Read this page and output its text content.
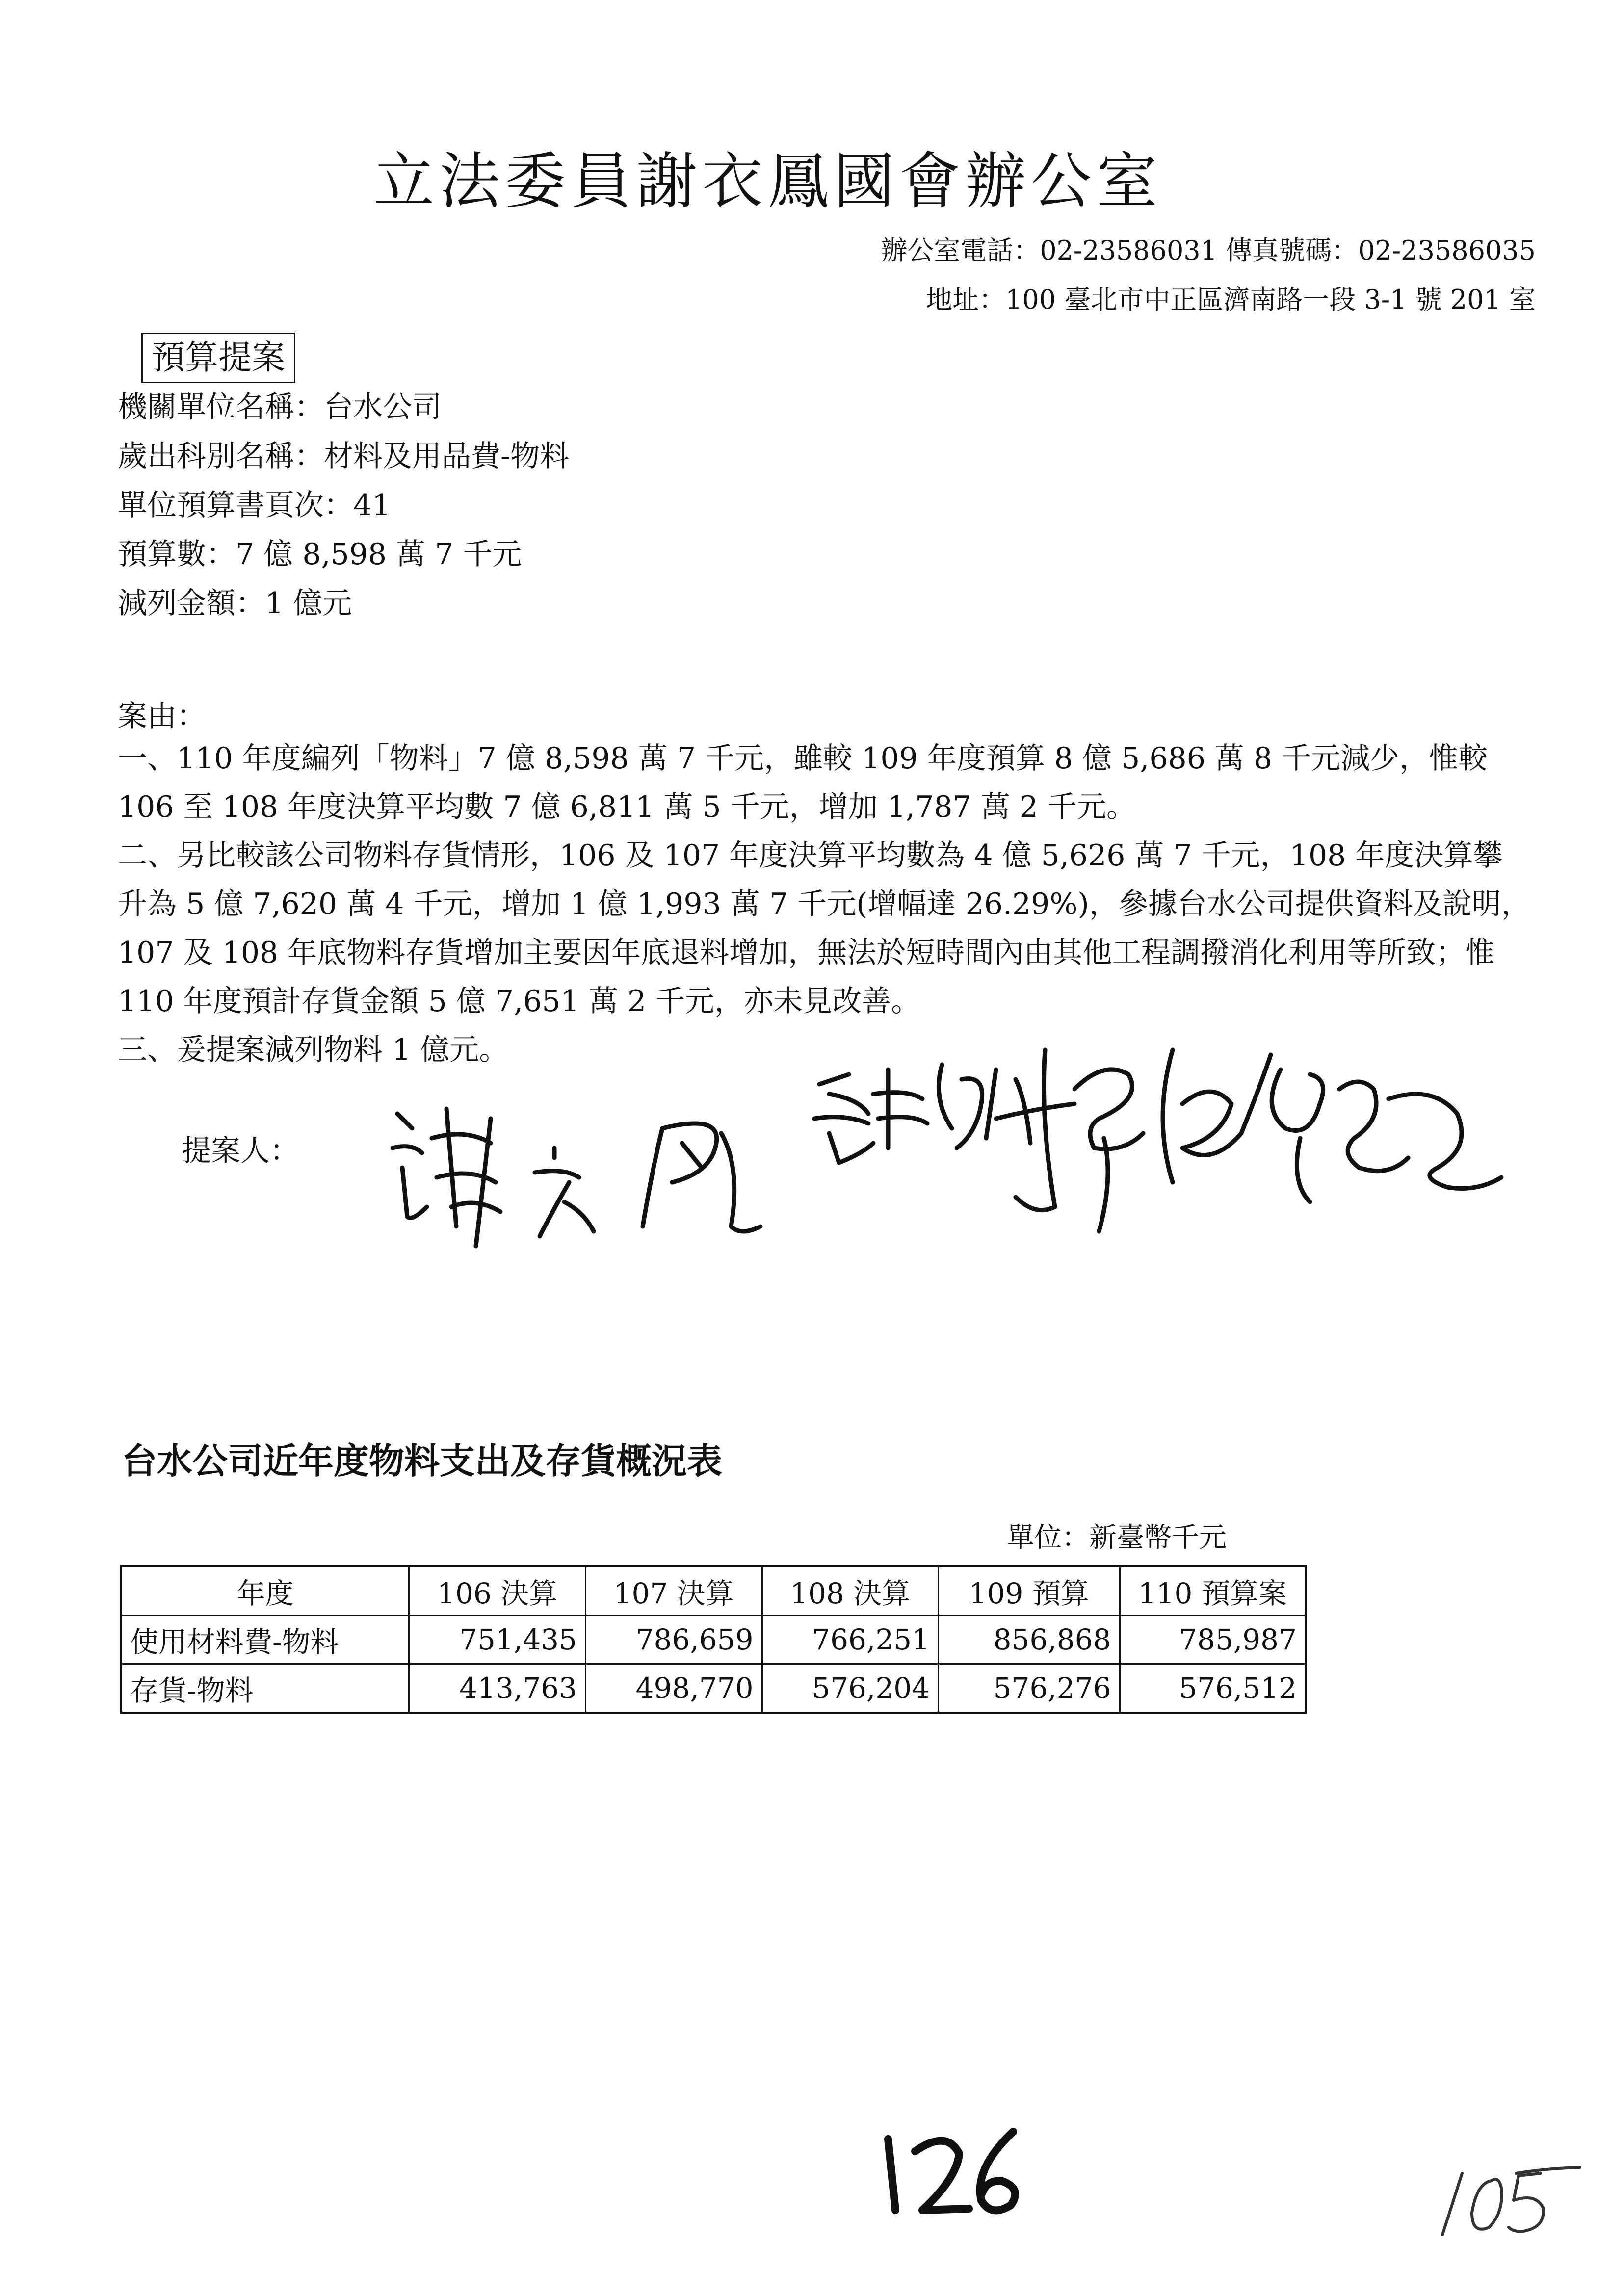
立法委員謝衣鳳國會辦公室
辦公室電話：02-23586031 傳真號碼：02-23586035
地址：100 臺北市中正區濟南路一段 3-1 號 201 室
預算提案
機關單位名稱：台水公司
歲出科別名稱：材料及用品費-物料
單位預算書頁次：41
預算數：7 億 8,598 萬 7 千元
減列金額：1 億元
案由：
一、110 年度編列「物料」7 億 8,598 萬 7 千元，雖較 109 年度預算 8 億 5,686 萬 8 千元減少，惟較 106 至 108 年度決算平均數 7 億 6,811 萬 5 千元，增加 1,787 萬 2 千元。
二、另比較該公司物料存貨情形，106 及 107 年度決算平均數為 4 億 5,626 萬 7 千元，108 年度決算攀升為 5 億 7,620 萬 4 千元，增加 1 億 1,993 萬 7 千元(增幅達 26.29%)，參據台水公司提供資料及說明，107 及 108 年底物料存貨增加主要因年底退料增加，無法於短時間內由其他工程調撥消化利用等所致；惟 110 年度預計存貨金額 5 億 7,651 萬 2 千元，亦未見改善。
三、爰提案減列物料 1 億元。
提案人：
台水公司近年度物料支出及存貨概況表
單位：新臺幣千元
年度	106 決算	107 決算	108 決算	109 預算	110 預算案
使用材料費-物料	751,435	786,659	766,251	856,868	785,987
存貨-物料	413,763	498,770	576,204	576,276	576,512
